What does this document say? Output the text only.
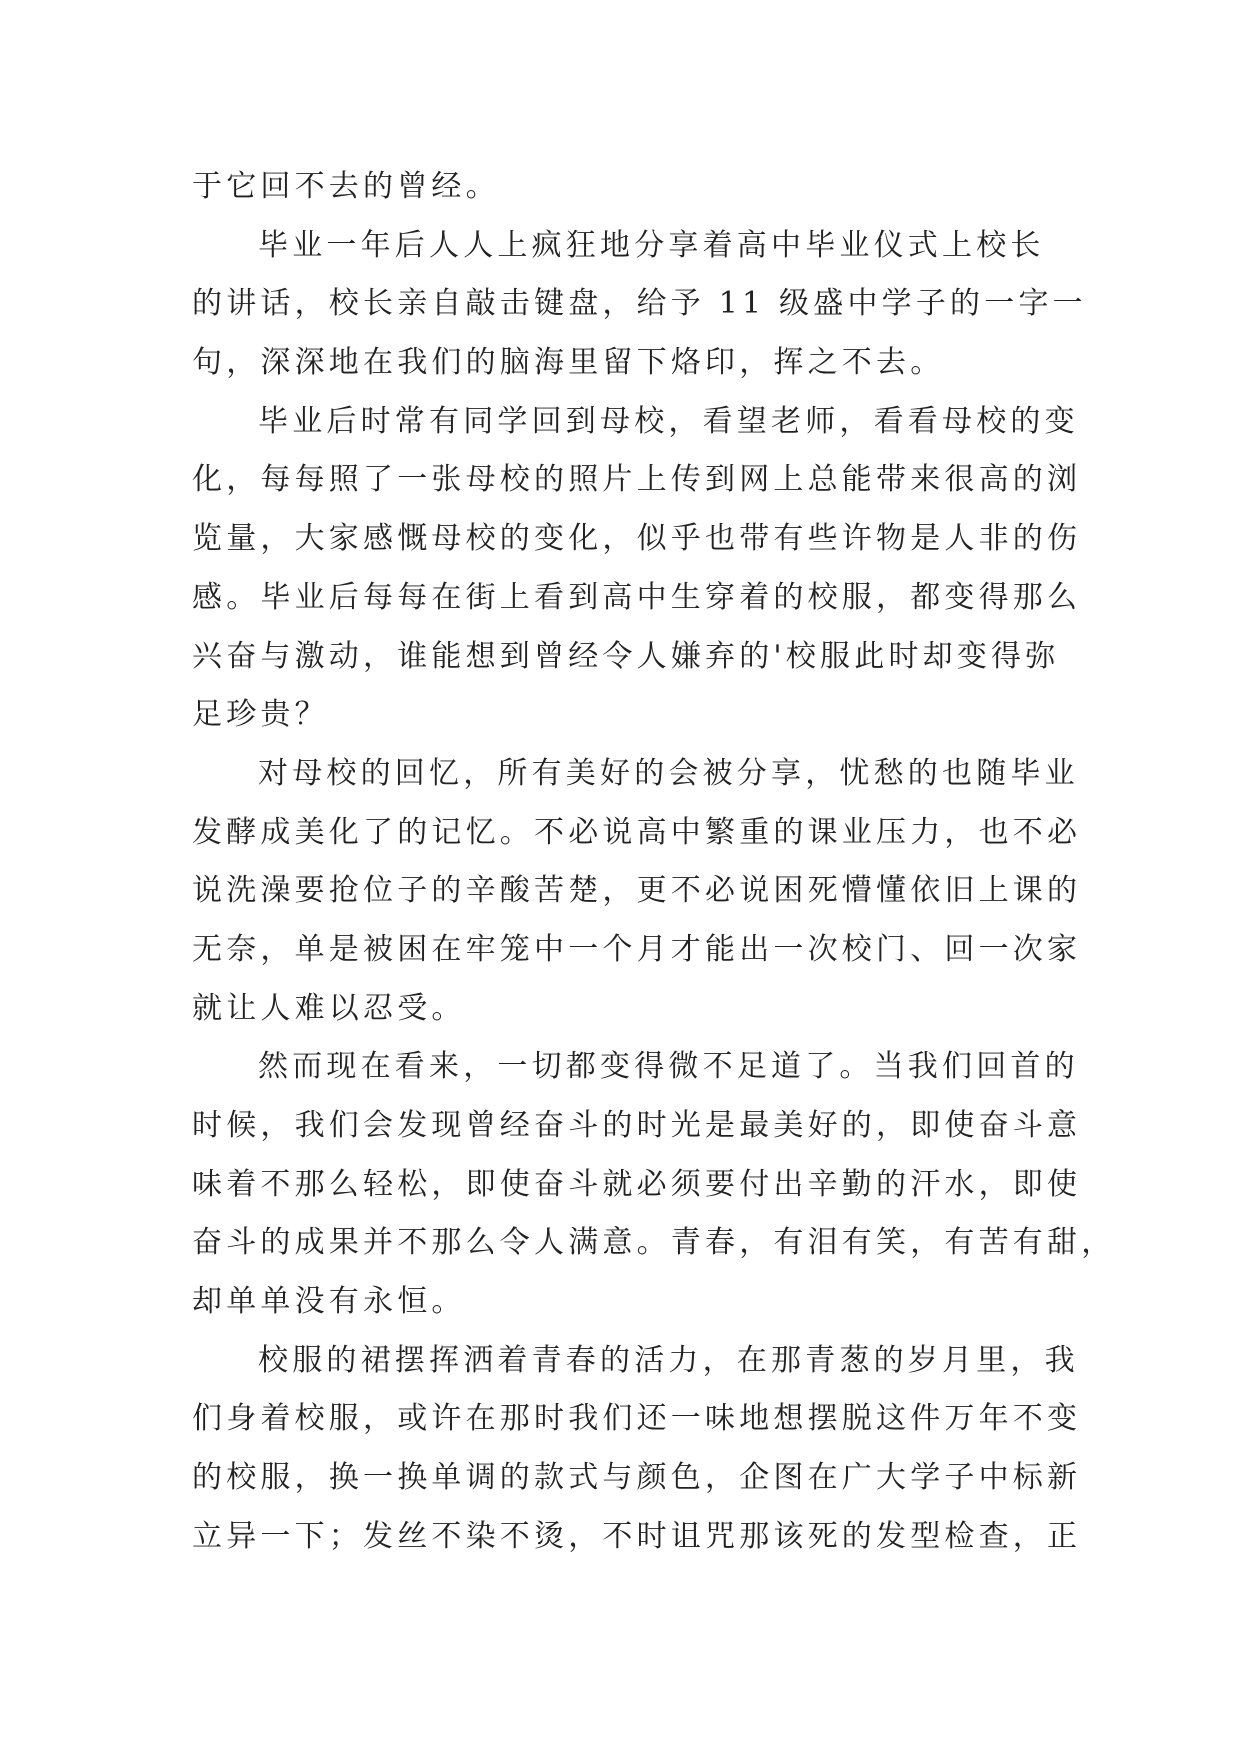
于它回不去的曾经。
毕业一年后人人上疯狂地分享着高中毕业仪式上校长
的讲话，校长亲自敲击键盘，给予 11 级盛中学子的一字一
句，深深地在我们的脑海里留下烙印，挥之不去。
毕业后时常有同学回到母校，看望老师，看看母校的变
化，每每照了一张母校的照片上传到网上总能带来很高的浏
览量，大家感慨母校的变化，似乎也带有些许物是人非的伤
感。毕业后每每在街上看到高中生穿着的校服，都变得那么
兴奋与激动，谁能想到曾经令人嫌弃的'校服此时却变得弥
足珍贵？
对母校的回忆，所有美好的会被分享，忧愁的也随毕业
发酵成美化了的记忆。不必说高中繁重的课业压力，也不必
说洗澡要抢位子的辛酸苦楚，更不必说困死懵懂依旧上课的
无奈，单是被困在牢笼中一个月才能出一次校门、回一次家
就让人难以忍受。
然而现在看来，一切都变得微不足道了。当我们回首的
时候，我们会发现曾经奋斗的时光是最美好的，即使奋斗意
味着不那么轻松，即使奋斗就必须要付出辛勤的汗水，即使
奋斗的成果并不那么令人满意。青春，有泪有笑，有苦有甜，
却单单没有永恒。
校服的裙摆挥洒着青春的活力，在那青葱的岁月里，我
们身着校服，或许在那时我们还一味地想摆脱这件万年不变
的校服，换一换单调的款式与颜色，企图在广大学子中标新
立异一下；发丝不染不烫，不时诅咒那该死的发型检查，正
